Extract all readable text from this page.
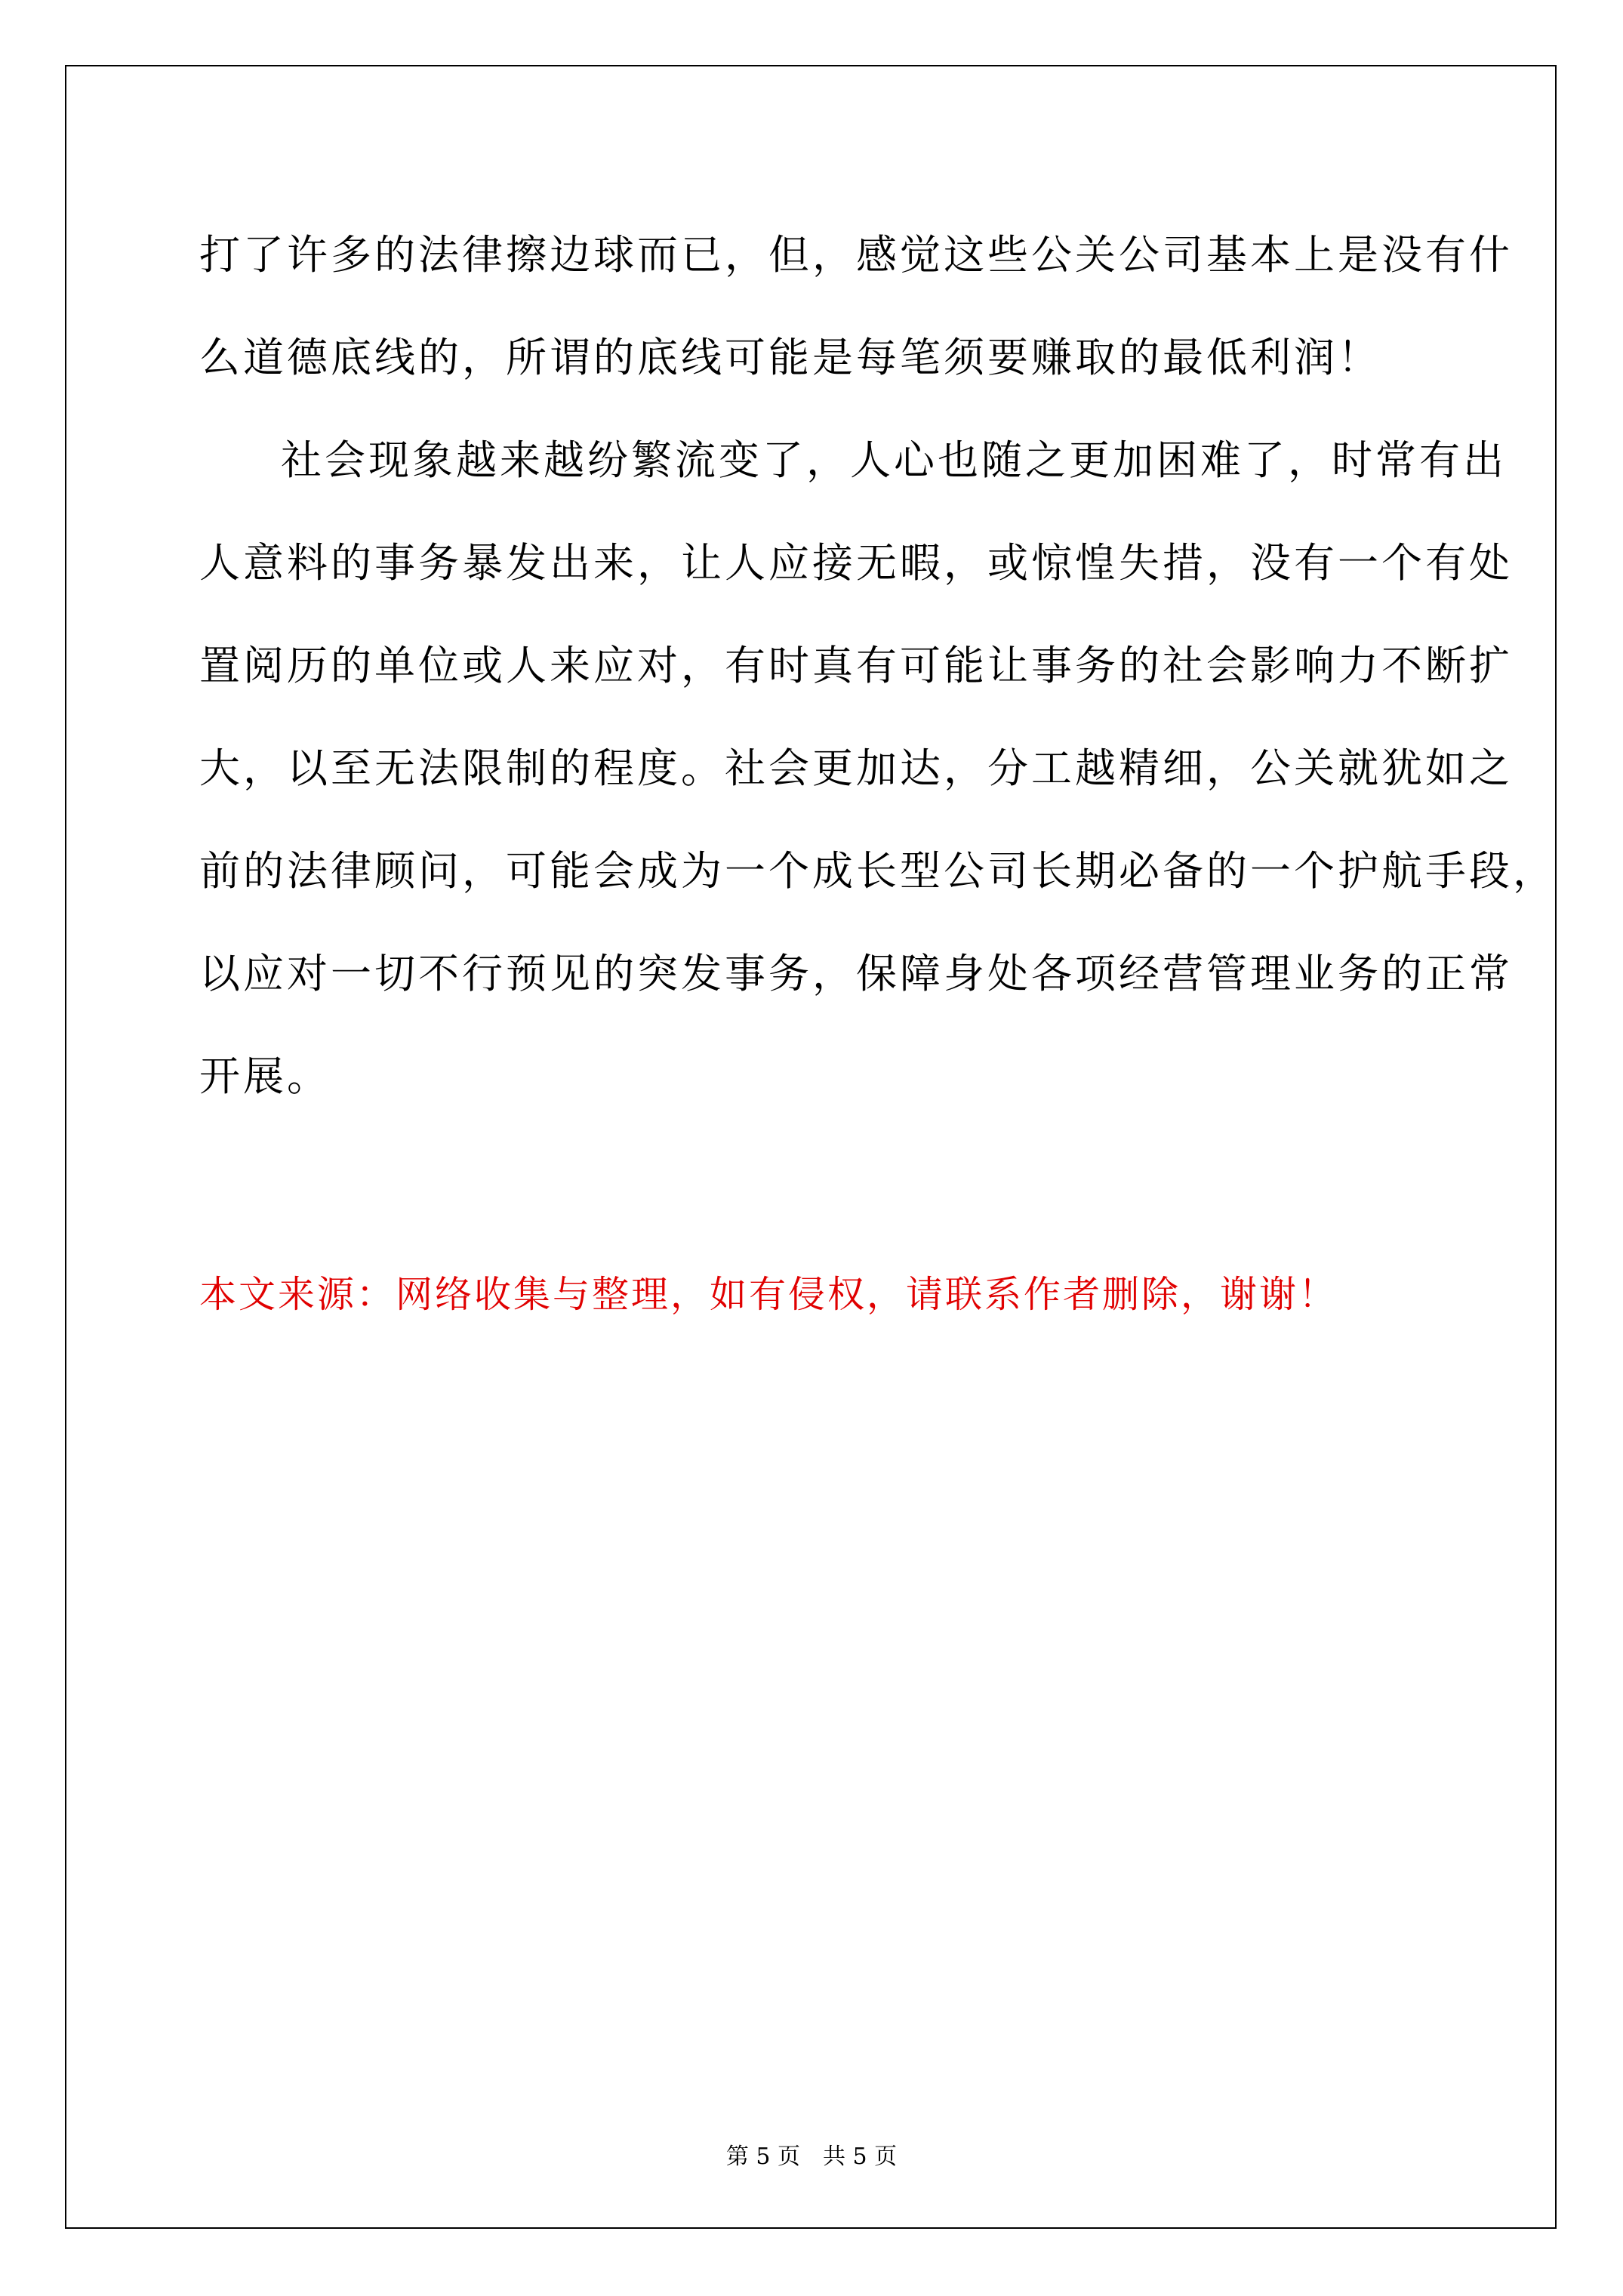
打了许多的法律擦边球而已，但，感觉这些公关公司基本上是没有什
么道德底线的，所谓的底线可能是每笔须要赚取的最低利润！
社会现象越来越纷繁流变了，人心也随之更加困难了，时常有出
人意料的事务暴发出来，让人应接无暇，或惊惶失措，没有一个有处
置阅历的单位或人来应对，有时真有可能让事务的社会影响力不断扩
大，以至无法限制的程度。社会更加达，分工越精细，公关就犹如之
前的法律顾问，可能会成为一个成长型公司长期必备的一个护航手段，
以应对一切不行预见的突发事务，保障身处各项经营管理业务的正常
开展。
本文来源：网络收集与整理，如有侵权，请联系作者删除，谢谢！
第 5 页 共 5 页
